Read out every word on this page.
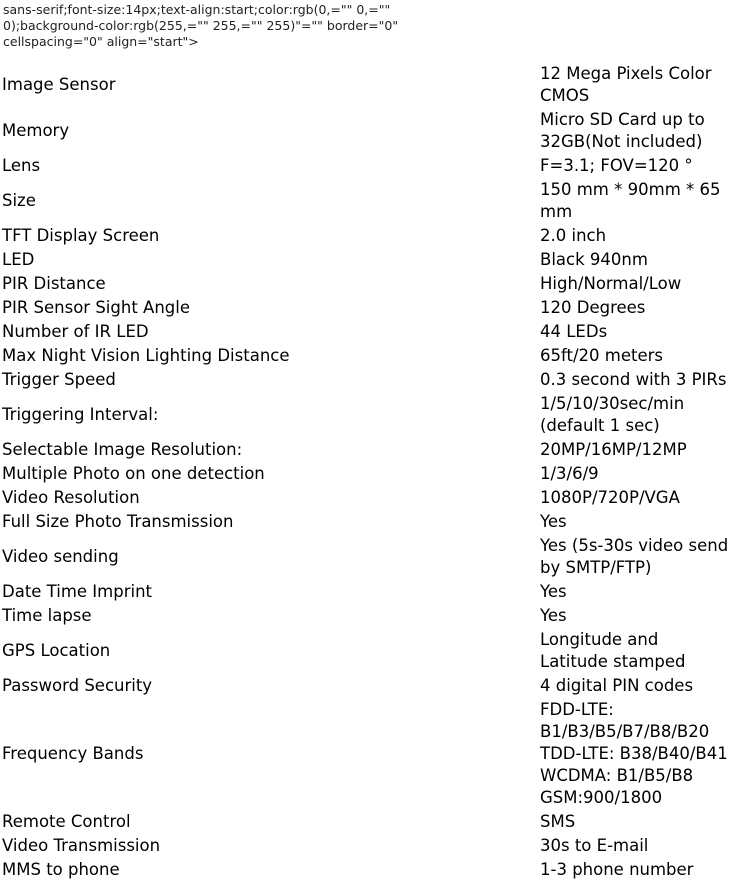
sans-serif;font-size:14px;text-align:start;color:rgb(0,="" 0,=""
0);background-color:rgb(255,="" 255,="" 255)"="" border="0"
cellspacing="0" align="start">
Image Sensor	12 Mega Pixels Color
CMOS
Memory	Micro SD Card up to
32GB(Not included)
Lens	F=3.1; FOV=120 °
Size	150 mm * 90mm * 65
mm
TFT Display Screen	2.0 inch
LED	Black 940nm
PIR Distance	High/Normal/Low
PIR Sensor Sight Angle	120 Degrees
Number of IR LED	44 LEDs
Max Night Vision Lighting Distance	65ft/20 meters
Trigger Speed	0.3 second with 3 PIRs
Triggering Interval:	1/5/10/30sec/min
(default 1 sec)
Selectable Image Resolution:	20MP/16MP/12MP
Multiple Photo on one detection	1/3/6/9
Video Resolution	1080P/720P/VGA
Full Size Photo Transmission	Yes
Video sending	Yes (5s-30s video send
by SMTP/FTP)
Date Time Imprint	Yes
Time lapse	Yes
GPS Location	Longitude and
Latitude stamped
Password Security	4 digital PIN codes
Frequency Bands	FDD-LTE:
B1/B3/B5/B7/B8/B20
TDD-LTE: B38/B40/B41
WCDMA: B1/B5/B8
GSM:900/1800
Remote Control	SMS
Video Transmission	30s to E-mail
MMS to phone	1-3 phone number
